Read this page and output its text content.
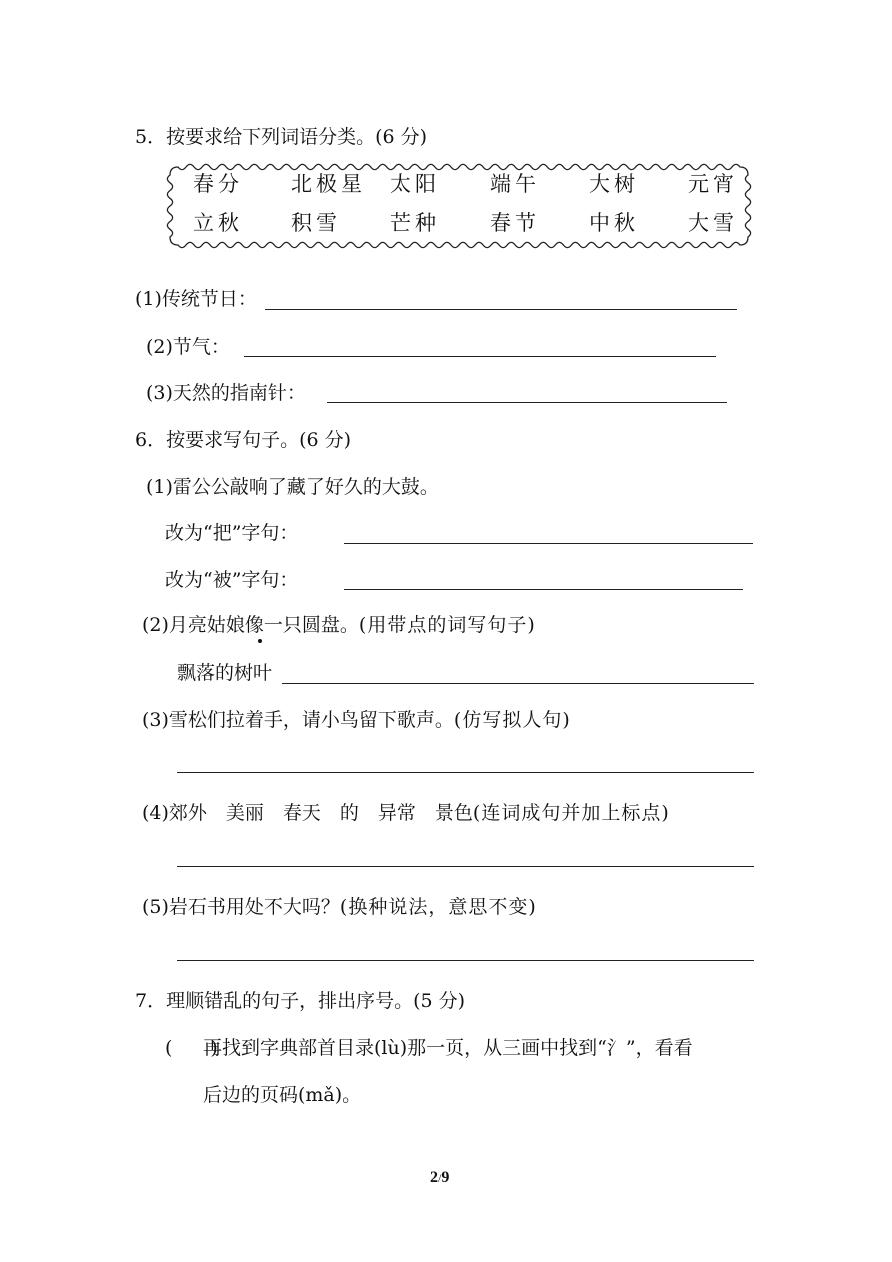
5．按要求给下列词语分类。(6 分)
春分 北极星 太阳 端午 大树 元宵
立秋 积雪 芒种 春节 中秋 大雪
(1)传统节日：
(2)节气：
(3)天然的指南针：
6．按要求写句子。(6 分)
(1)雷公公敲响了藏了好久的大鼓。
改为“把”字句：
改为“被”字句：
(2)月亮姑娘像一只圆盘。(用带点的词写句子)
飘落的树叶
(3)雪松们拉着手，请小鸟留下歌声。(仿写拟人句)
(4)郊外　美丽　春天　的　异常　景色(连词成句并加上标点)
(5)岩石书用处不大吗？(换种说法，意思不变)
7．理顺错乱的句子，排出序号。(5 分)
(　　)
再找到字典部首目录(lù)那一页，从三画中找到“氵”，看看
后边的页码(mǎ)。
2/9
